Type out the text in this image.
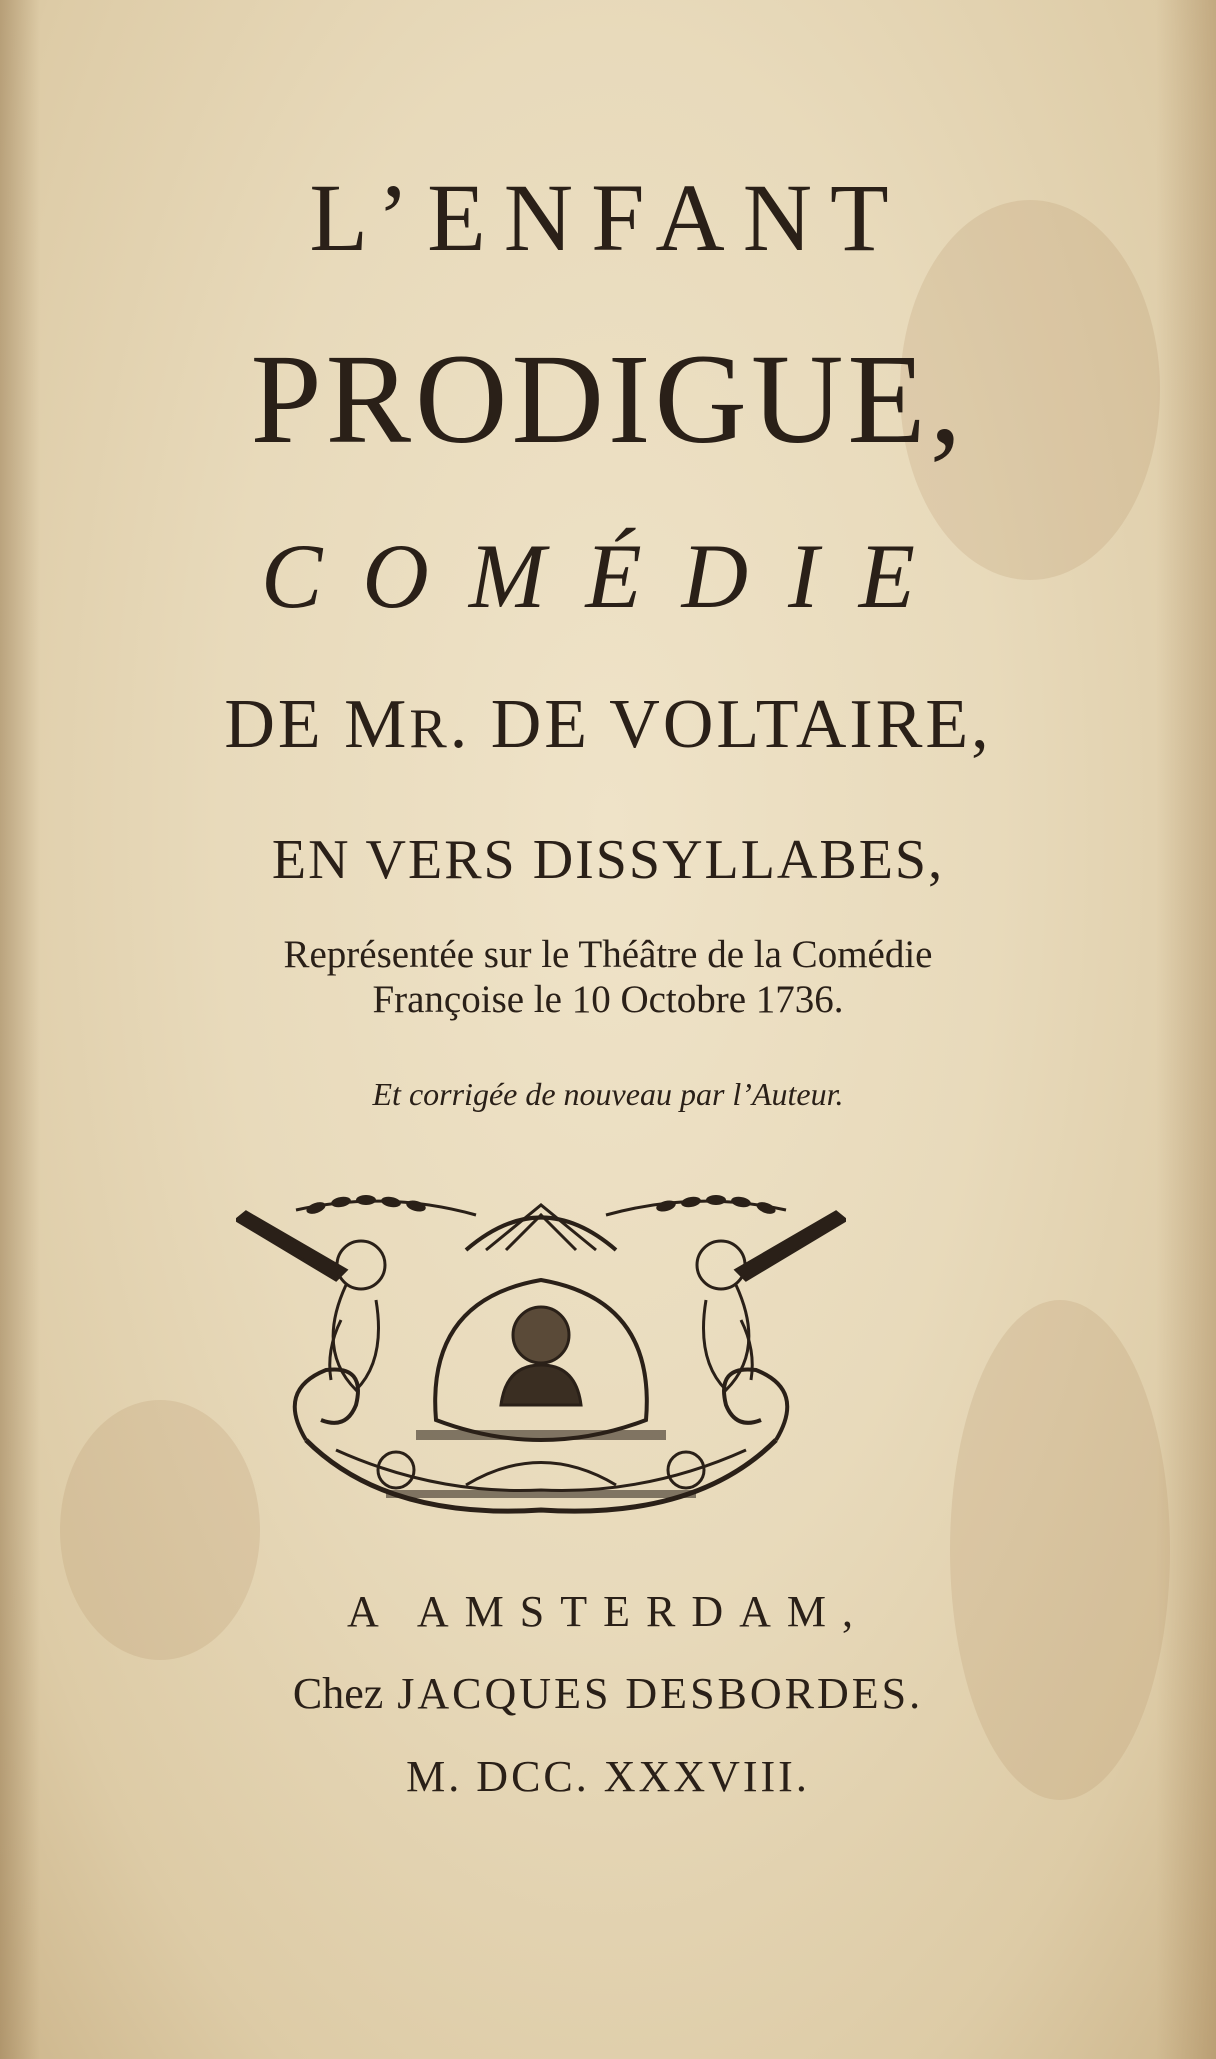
L’ENFANT
PRODIGUE,
COMÉDIE
DE MR. DE VOLTAIRE,
EN VERS DISSYLLABES,
Représentée sur le Théâtre de la Comédie
Françoise le 10 Octobre 1736.
Et corrigée de nouveau par l’Auteur.
A AMSTERDAM,
Chez JACQUES DESBORDES.
M. DCC. XXXVIII.
